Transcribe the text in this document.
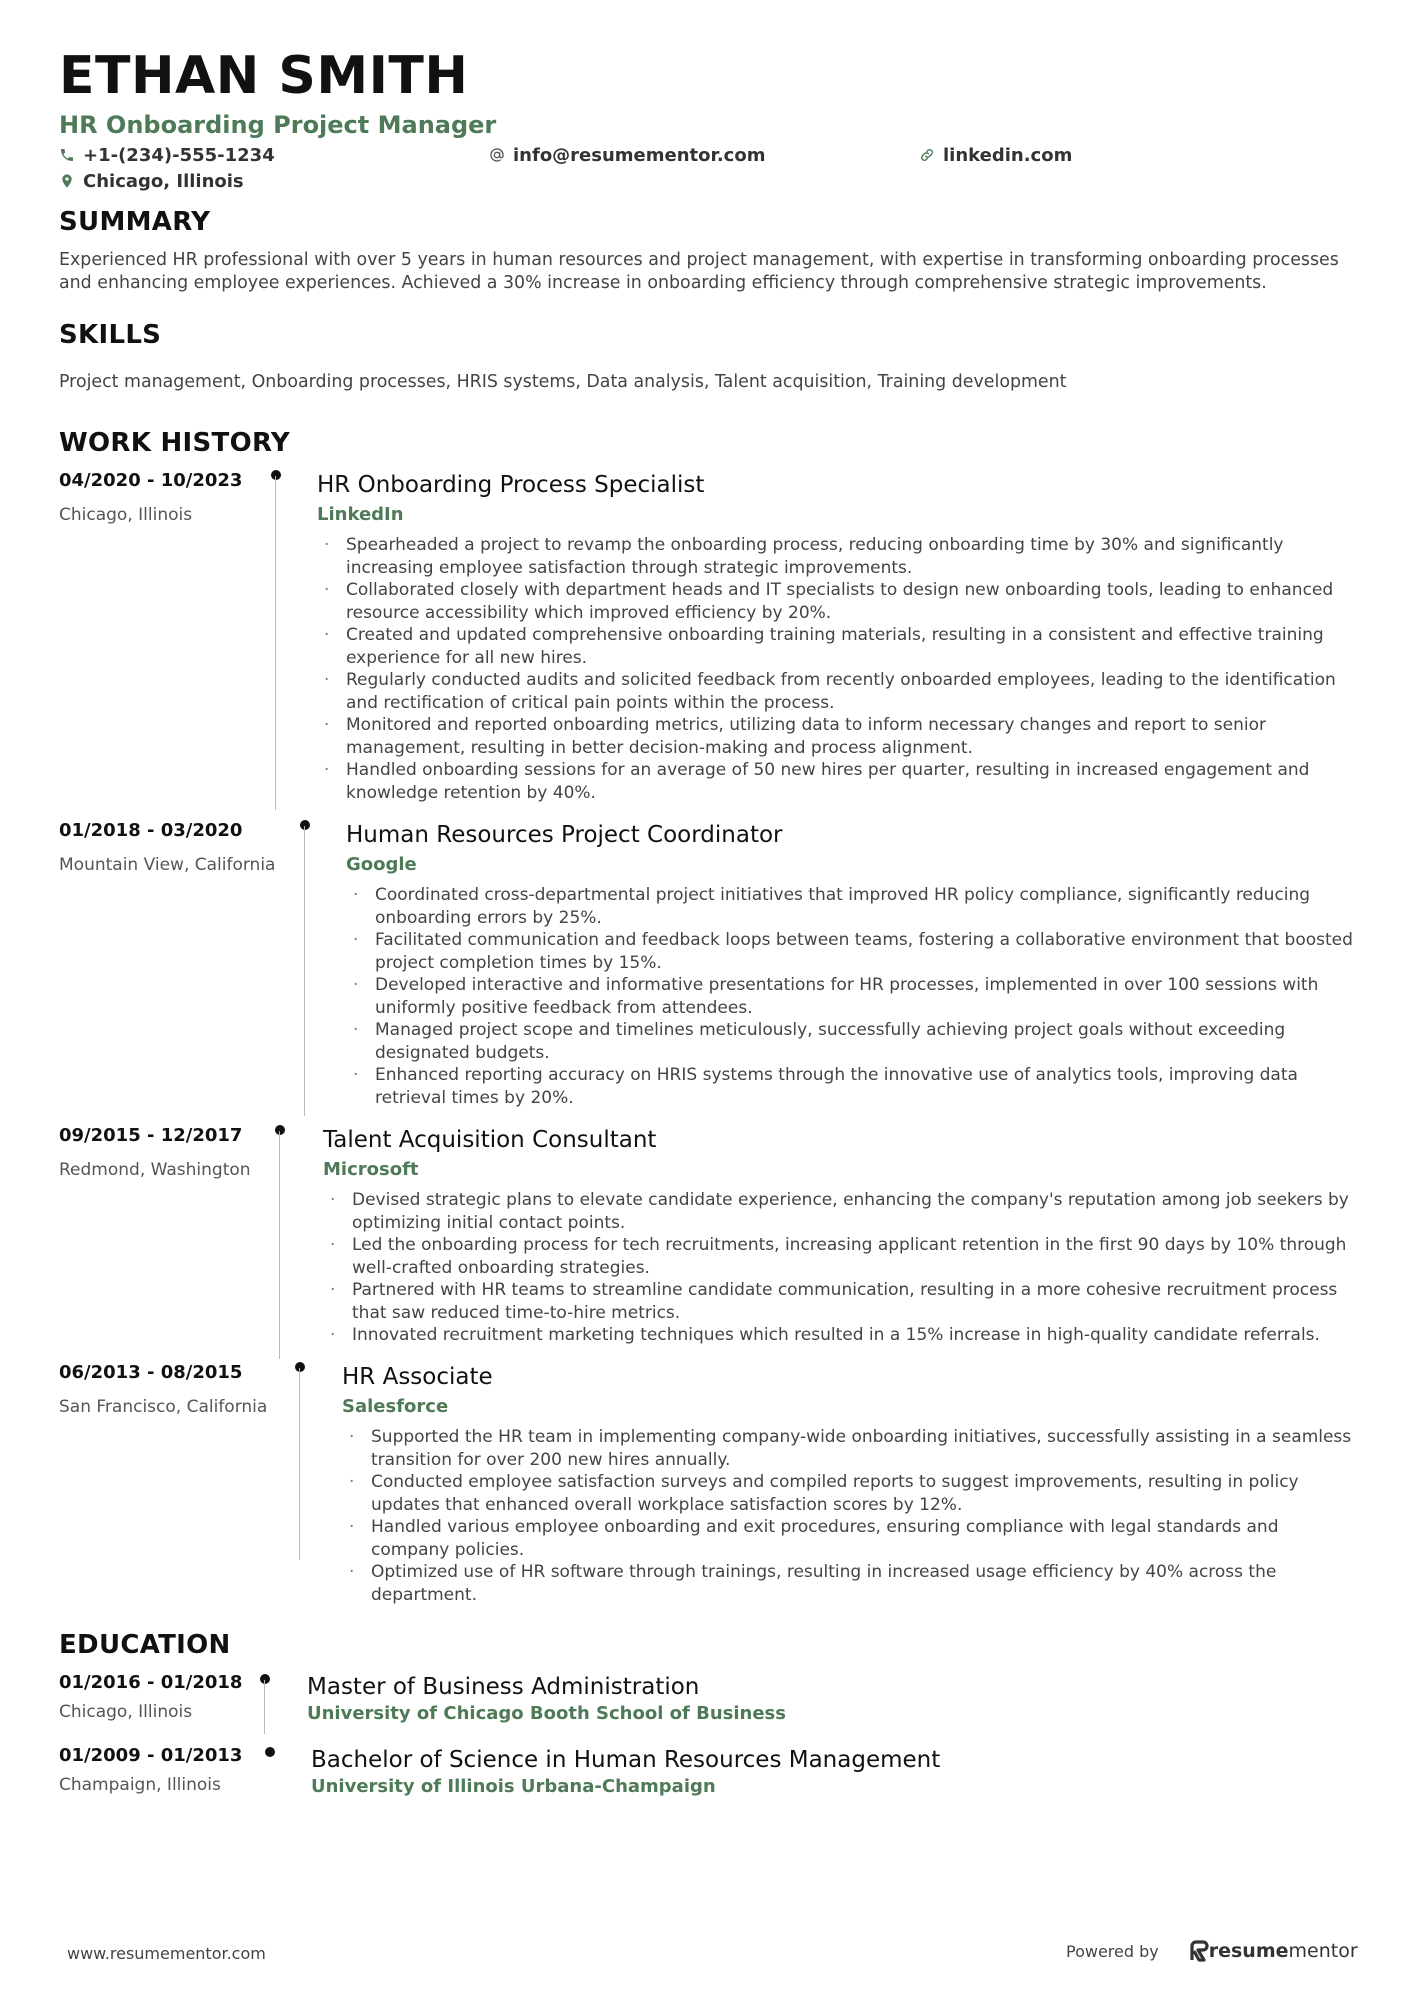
ETHAN SMITH
HR Onboarding Project Manager
+1-(234)-555-1234	info@resumementor.com	linkedin.com
Chicago, Illinois
SUMMARY
Experienced HR professional with over 5 years in human resources and project management, with expertise in transforming onboarding processes and enhancing employee experiences. Achieved a 30% increase in onboarding efficiency through comprehensive strategic improvements.
SKILLS
Project management, Onboarding processes, HRIS systems, Data analysis, Talent acquisition, Training development
WORK HISTORY
04/2020 - 10/2023
Chicago, Illinois
HR Onboarding Process Specialist
LinkedIn
· Spearheaded a project to revamp the onboarding process, reducing onboarding time by 30% and significantly increasing employee satisfaction through strategic improvements.
· Collaborated closely with department heads and IT specialists to design new onboarding tools, leading to enhanced resource accessibility which improved efficiency by 20%.
· Created and updated comprehensive onboarding training materials, resulting in a consistent and effective training experience for all new hires.
· Regularly conducted audits and solicited feedback from recently onboarded employees, leading to the identification and rectification of critical pain points within the process.
· Monitored and reported onboarding metrics, utilizing data to inform necessary changes and report to senior management, resulting in better decision-making and process alignment.
· Handled onboarding sessions for an average of 50 new hires per quarter, resulting in increased engagement and knowledge retention by 40%.
01/2018 - 03/2020
Mountain View, California
Human Resources Project Coordinator
Google
· Coordinated cross-departmental project initiatives that improved HR policy compliance, significantly reducing onboarding errors by 25%.
· Facilitated communication and feedback loops between teams, fostering a collaborative environment that boosted project completion times by 15%.
· Developed interactive and informative presentations for HR processes, implemented in over 100 sessions with uniformly positive feedback from attendees.
· Managed project scope and timelines meticulously, successfully achieving project goals without exceeding designated budgets.
· Enhanced reporting accuracy on HRIS systems through the innovative use of analytics tools, improving data retrieval times by 20%.
09/2015 - 12/2017
Redmond, Washington
Talent Acquisition Consultant
Microsoft
· Devised strategic plans to elevate candidate experience, enhancing the company's reputation among job seekers by optimizing initial contact points.
· Led the onboarding process for tech recruitments, increasing applicant retention in the first 90 days by 10% through well-crafted onboarding strategies.
· Partnered with HR teams to streamline candidate communication, resulting in a more cohesive recruitment process that saw reduced time-to-hire metrics.
· Innovated recruitment marketing techniques which resulted in a 15% increase in high-quality candidate referrals.
06/2013 - 08/2015
San Francisco, California
HR Associate
Salesforce
· Supported the HR team in implementing company-wide onboarding initiatives, successfully assisting in a seamless transition for over 200 new hires annually.
· Conducted employee satisfaction surveys and compiled reports to suggest improvements, resulting in policy updates that enhanced overall workplace satisfaction scores by 12%.
· Handled various employee onboarding and exit procedures, ensuring compliance with legal standards and company policies.
· Optimized use of HR software through trainings, resulting in increased usage efficiency by 40% across the department.
EDUCATION
01/2016 - 01/2018
Chicago, Illinois
Master of Business Administration
University of Chicago Booth School of Business
01/2009 - 01/2013
Champaign, Illinois
Bachelor of Science in Human Resources Management
University of Illinois Urbana-Champaign
www.resumementor.com	Powered by	resume mentor
